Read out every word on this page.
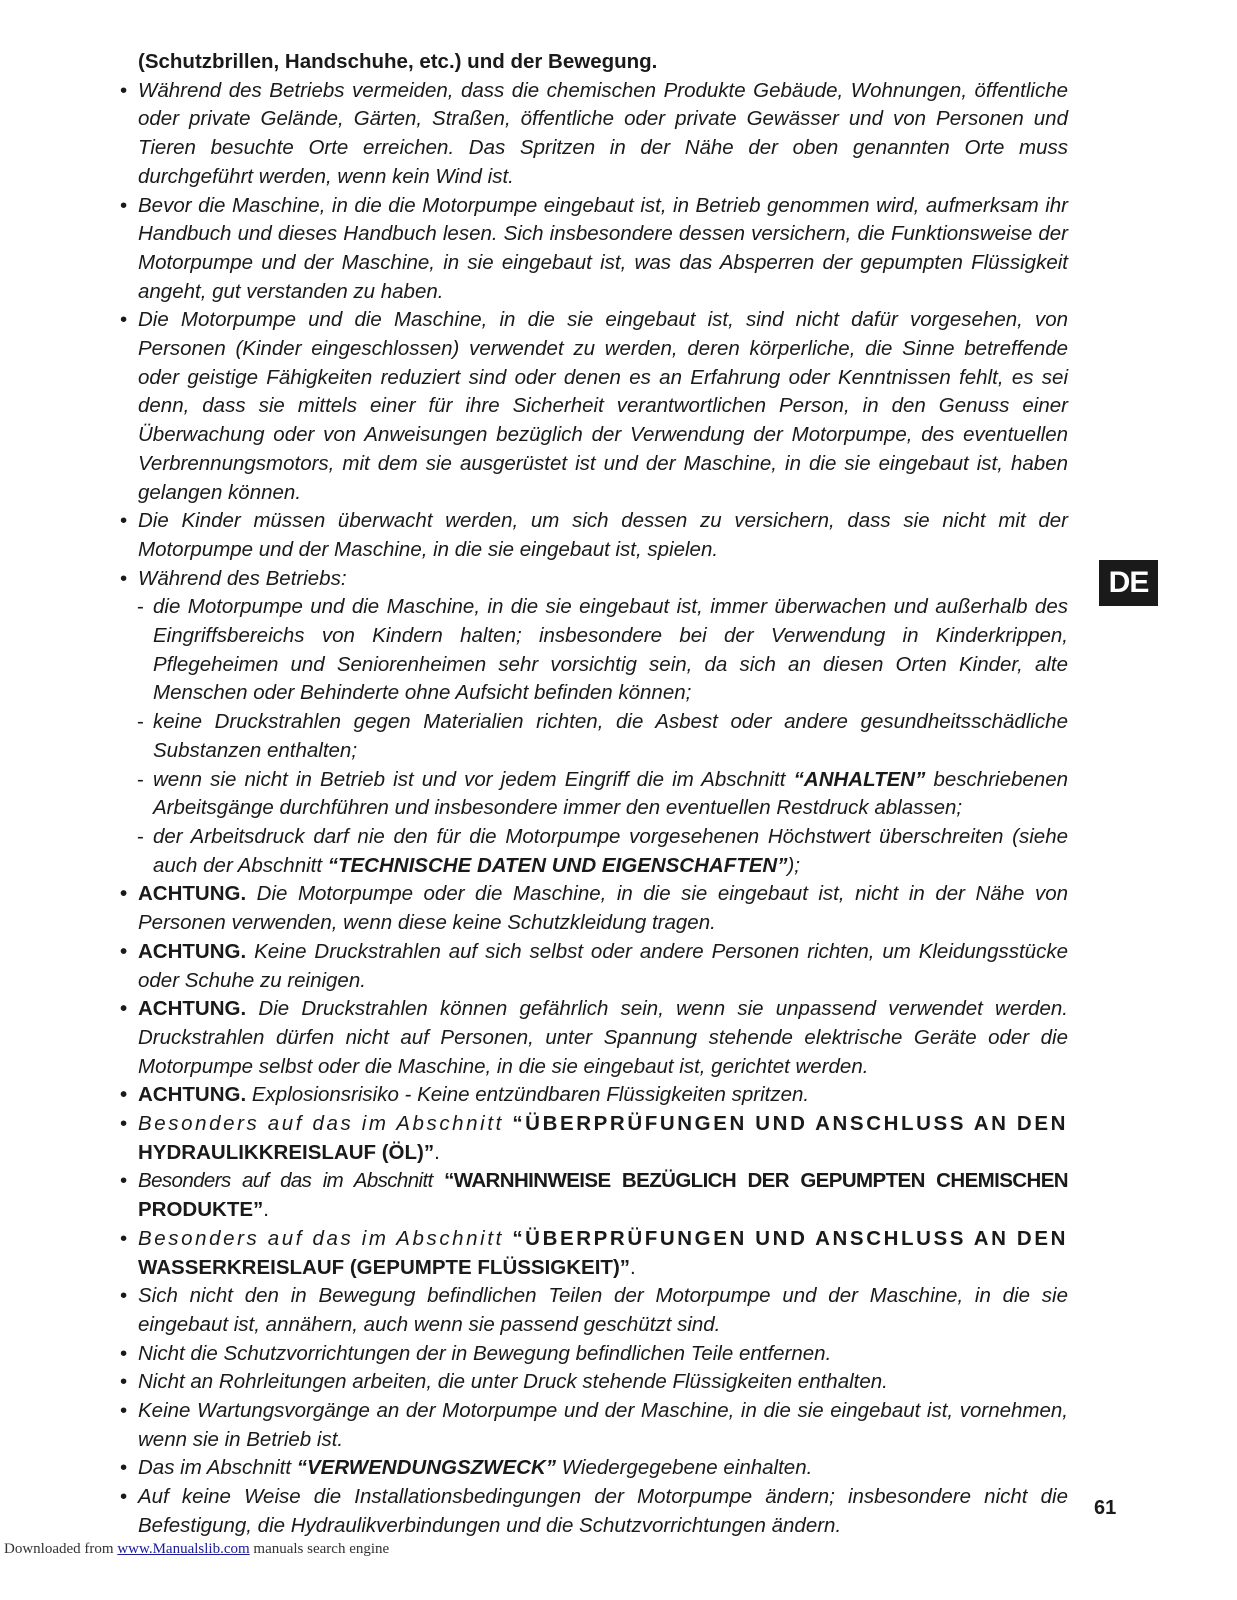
(Schutzbrillen, Handschuhe, etc.) und der Bewegung.
• Während des Betriebs vermeiden, dass die chemischen Produkte Gebäude, Wohnungen, öffentliche oder private Gelände, Gärten, Straßen, öffentliche oder private Gewässer und von Personen und Tieren besuchte Orte erreichen. Das Spritzen in der Nähe der oben genannten Orte muss durchgeführt werden, wenn kein Wind ist.
• Bevor die Maschine, in die die Motorpumpe eingebaut ist, in Betrieb genommen wird, aufmerksam ihr Handbuch und dieses Handbuch lesen. Sich insbesondere dessen versichern, die Funktionsweise der Motorpumpe und der Maschine, in sie eingebaut ist, was das Absperren der gepumpten Flüssigkeit angeht, gut verstanden zu haben.
• Die Motorpumpe und die Maschine, in die sie eingebaut ist, sind nicht dafür vorgesehen, von Personen (Kinder eingeschlossen) verwendet zu werden, deren körperliche, die Sinne betreffende oder geistige Fähigkeiten reduziert sind oder denen es an Erfahrung oder Kenntnissen fehlt, es sei denn, dass sie mittels einer für ihre Sicherheit verantwortlichen Person, in den Genuss einer Überwachung oder von Anweisungen bezüglich der Verwendung der Motorpumpe, des eventuellen Verbrennungsmotors, mit dem sie ausgerüstet ist und der Maschine, in die sie eingebaut ist, haben gelangen können.
• Die Kinder müssen überwacht werden, um sich dessen zu versichern, dass sie nicht mit der Motorpumpe und der Maschine, in die sie eingebaut ist, spielen.
• Während des Betriebs:
- die Motorpumpe und die Maschine, in die sie eingebaut ist, immer überwachen und außerhalb des Eingriffsbereichs von Kindern halten; insbesondere bei der Verwendung in Kinderkrippen, Pflegeheimen und Seniorenheimen sehr vorsichtig sein, da sich an diesen Orten Kinder, alte Menschen oder Behinderte ohne Aufsicht befinden können;
- keine Druckstrahlen gegen Materialien richten, die Asbest oder andere gesundheitsschädliche Substanzen enthalten;
- wenn sie nicht in Betrieb ist und vor jedem Eingriff die im Abschnitt “ANHALTEN” beschriebenen Arbeitsgänge durchführen und insbesondere immer den eventuellen Restdruck ablassen;
- der Arbeitsdruck darf nie den für die Motorpumpe vorgesehenen Höchstwert überschreiten (siehe auch der Abschnitt “TECHNISCHE DATEN UND EIGENSCHAFTEN”);
• ACHTUNG. Die Motorpumpe oder die Maschine, in die sie eingebaut ist, nicht in der Nähe von Personen verwenden, wenn diese keine Schutzkleidung tragen.
• ACHTUNG. Keine Druckstrahlen auf sich selbst oder andere Personen richten, um Kleidungsstücke oder Schuhe zu reinigen.
• ACHTUNG. Die Druckstrahlen können gefährlich sein, wenn sie unpassend verwendet werden. Druckstrahlen dürfen nicht auf Personen, unter Spannung stehende elektrische Geräte oder die Motorpumpe selbst oder die Maschine, in die sie eingebaut ist, gerichtet werden.
• ACHTUNG. Explosionsrisiko - Keine entzündbaren Flüssigkeiten spritzen.
• Besonders auf das im Abschnitt “ÜBERPRÜFUNGEN UND ANSCHLUSS AN DEN HYDRAULIKKREISLAUF (ÖL)”.
• Besonders auf das im Abschnitt “WARNHINWEISE BEZÜGLICH DER GEPUMPTEN CHEMISCHEN PRODUKTE”.
• Besonders auf das im Abschnitt “ÜBERPRÜFUNGEN UND ANSCHLUSS AN DEN WASSERKREISLAUF (GEPUMPTE FLÜSSIGKEIT)”.
• Sich nicht den in Bewegung befindlichen Teilen der Motorpumpe und der Maschine, in die sie eingebaut ist, annähern, auch wenn sie passend geschützt sind.
• Nicht die Schutzvorrichtungen der in Bewegung befindlichen Teile entfernen.
• Nicht an Rohrleitungen arbeiten, die unter Druck stehende Flüssigkeiten enthalten.
• Keine Wartungsvorgänge an der Motorpumpe und der Maschine, in die sie eingebaut ist, vornehmen, wenn sie in Betrieb ist.
• Das im Abschnitt “VERWENDUNGSZWECK” Wiedergegebene einhalten.
• Auf keine Weise die Installationsbedingungen der Motorpumpe ändern; insbesondere nicht die Befestigung, die Hydraulikverbindungen und die Schutzvorrichtungen ändern.
DE
61
Downloaded from www.Manualslib.com manuals search engine
